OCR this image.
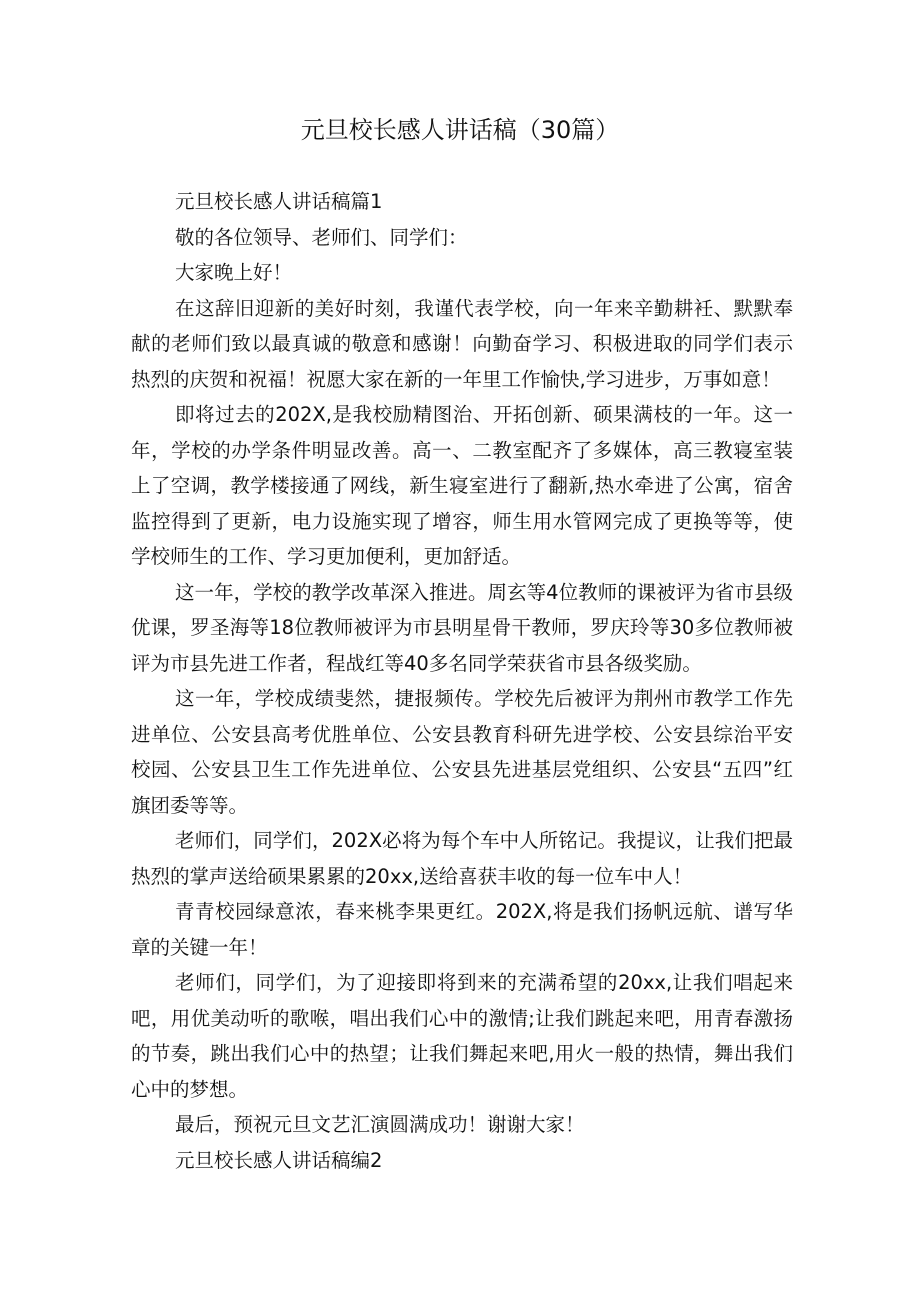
元旦校长感人讲话稿（30篇）

元旦校长感人讲话稿篇1

敬的各位领导、老师们、同学们：

大家晚上好！

在这辞旧迎新的美好时刻，我谨代表学校，向一年来辛勤耕衽、默默奉献的老师们致以最真诚的敬意和感谢！向勤奋学习、积极进取的同学们表示热烈的庆贺和祝福！祝愿大家在新的一年里工作愉快,学习进步，万事如意！

即将过去的202X,是我校励精图治、开拓创新、硕果满枝的一年。这一年，学校的办学条件明显改善。高一、二教室配齐了多媒体，高三教寝室装上了空调，教学楼接通了网线，新生寝室进行了翻新,热水牵进了公寓，宿舍监控得到了更新，电力设施实现了增容，师生用水管网完成了更换等等，使学校师生的工作、学习更加便利，更加舒适。

这一年，学校的教学改革深入推进。周玄等4位教师的课被评为省市县级优课，罗圣海等18位教师被评为市县明星骨干教师，罗庆玲等30多位教师被评为市县先进工作者，程战红等40多名同学荣获省市县各级奖励。

这一年，学校成绩斐然，捷报频传。学校先后被评为荆州市教学工作先进单位、公安县高考优胜单位、公安县教育科研先进学校、公安县综治平安校园、公安县卫生工作先进单位、公安县先进基层党组织、公安县“五四”红旗团委等等。

老师们，同学们，202X必将为每个车中人所铭记。我提议，让我们把最热烈的掌声送给硕果累累的20xx,送给喜获丰收的每一位车中人！

青青校园绿意浓，春来桃李果更红。202X,将是我们扬帆远航、谱写华章的关键一年！

老师们，同学们，为了迎接即将到来的充满希望的20xx,让我们唱起来吧，用优美动听的歌喉，唱出我们心中的激情;让我们跳起来吧，用青春激扬的节奏，跳出我们心中的热望；让我们舞起来吧,用火一般的热情，舞出我们心中的梦想。

最后，预祝元旦文艺汇演圆满成功！谢谢大家！

元旦校长感人讲话稿编2
